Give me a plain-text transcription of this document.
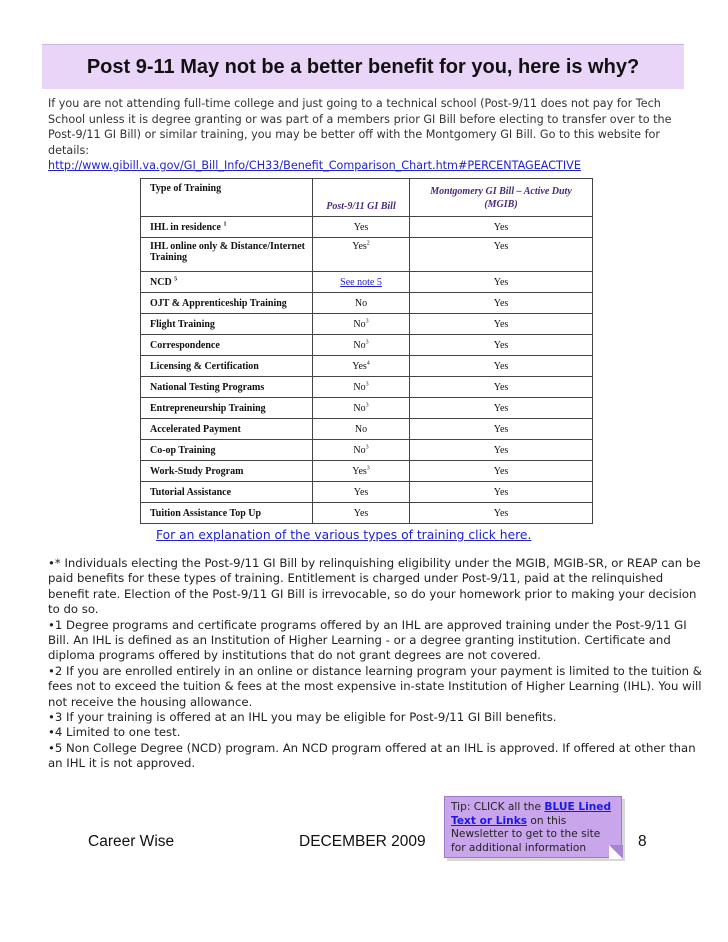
Post 9-11 May not be a better benefit for you, here is why?
If you are not attending full-time college and just going to a technical school (Post-9/11 does not pay for Tech School unless it is degree granting or was part of a members prior GI Bill before electing to transfer over to the Post-9/11 GI Bill) or similar training, you may be better off with the Montgomery GI Bill. Go to this website for details:
http://www.gibill.va.gov/GI_Bill_Info/CH33/Benefit_Comparison_Chart.htm#PERCENTAGEACTIVE
Type of Training	Post-9/11 GI Bill	Montgomery GI Bill – Active Duty
(MGIB)
IHL in residence $^1$	Yes	Yes
IHL online only & Distance/Internet Training	Yes$^2$	Yes
NCD $^5$	See note 5	Yes
OJT & Apprenticeship Training	No	Yes
Flight Training	No$^3$	Yes
Correspondence	No$^3$	Yes
Licensing & Certification	Yes$^4$	Yes
National Testing Programs	No$^3$	Yes
Entrepreneurship Training	No$^3$	Yes
Accelerated Payment	No	Yes
Co-op Training	No$^3$	Yes
Work-Study Program	Yes$^3$	Yes
Tutorial Assistance	Yes	Yes
Tuition Assistance Top Up	Yes	Yes
For an explanation of the various types of training click here.

•* Individuals electing the Post-9/11 GI Bill by relinquishing eligibility under the MGIB, MGIB-SR, or REAP can be paid benefits for these types of training. Entitlement is charged under Post-9/11, paid at the relinquished benefit rate. Election of the Post-9/11 GI Bill is irrevocable, so do your homework prior to making your decision to do so.

•1 Degree programs and certificate programs offered by an IHL are approved training under the Post-9/11 GI Bill. An IHL is defined as an Institution of Higher Learning - or a degree granting institution. Certificate and diploma programs offered by institutions that do not grant degrees are not covered.

•2 If you are enrolled entirely in an online or distance learning program your payment is limited to the tuition & fees not to exceed the tuition & fees at the most expensive in-state Institution of Higher Learning (IHL). You will not receive the housing allowance.

•3 If your training is offered at an IHL you may be eligible for Post-9/11 GI Bill benefits.

•4 Limited to one test.

•5 Non College Degree (NCD) program. An NCD program offered at an IHL is approved. If offered at other than an IHL it is not approved.

Tip: CLICK all the BLUE Lined Text or Links on this Newsletter to get to the site for additional information
Career Wise	DECEMBER 2009	8
